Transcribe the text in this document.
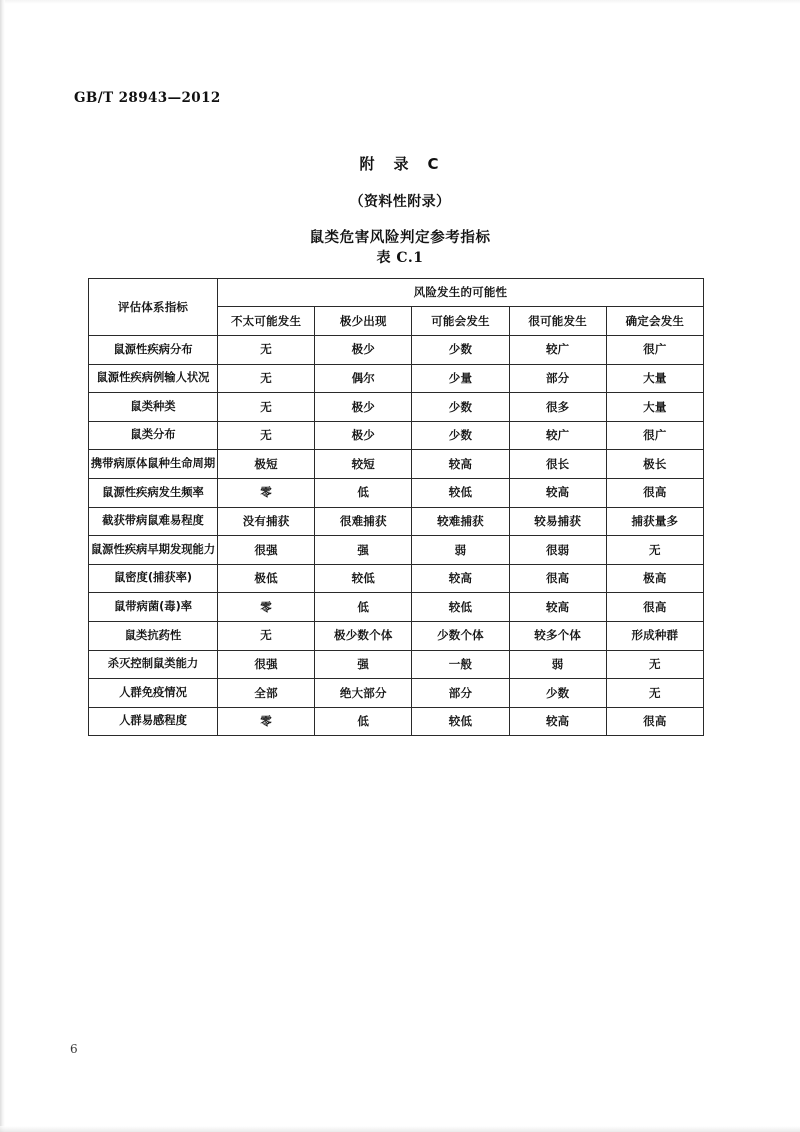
GB/T 28943—2012

附　录　C

（资料性附录）

鼠类危害风险判定参考指标

表 C.1
评估体系指标	风险发生的可能性				
	不太可能发生	极少出现	可能会发生	很可能发生	确定会发生
鼠源性疾病分布	无	极少	少数	较广	很广
鼠源性疾病例输人状况	无	偶尔	少量	部分	大量
鼠类种类	无	极少	少数	很多	大量
鼠类分布	无	极少	少数	较广	很广
携带病原体鼠种生命周期	极短	较短	较高	很长	极长
鼠源性疾病发生频率	零	低	较低	较高	很高
截获带病鼠难易程度	没有捕获	很难捕获	较难捕获	较易捕获	捕获量多
鼠源性疾病早期发现能力	很强	强	弱	很弱	无
鼠密度(捕获率)	极低	较低	较高	很高	极高
鼠带病菌(毒)率	零	低	较低	较高	很高
鼠类抗药性	无	极少数个体	少数个体	较多个体	形成种群
杀灭控制鼠类能力	很强	强	一般	弱	无
人群免疫情况	全部	绝大部分	部分	少数	无
人群易感程度	零	低	较低	较高	很高
6
